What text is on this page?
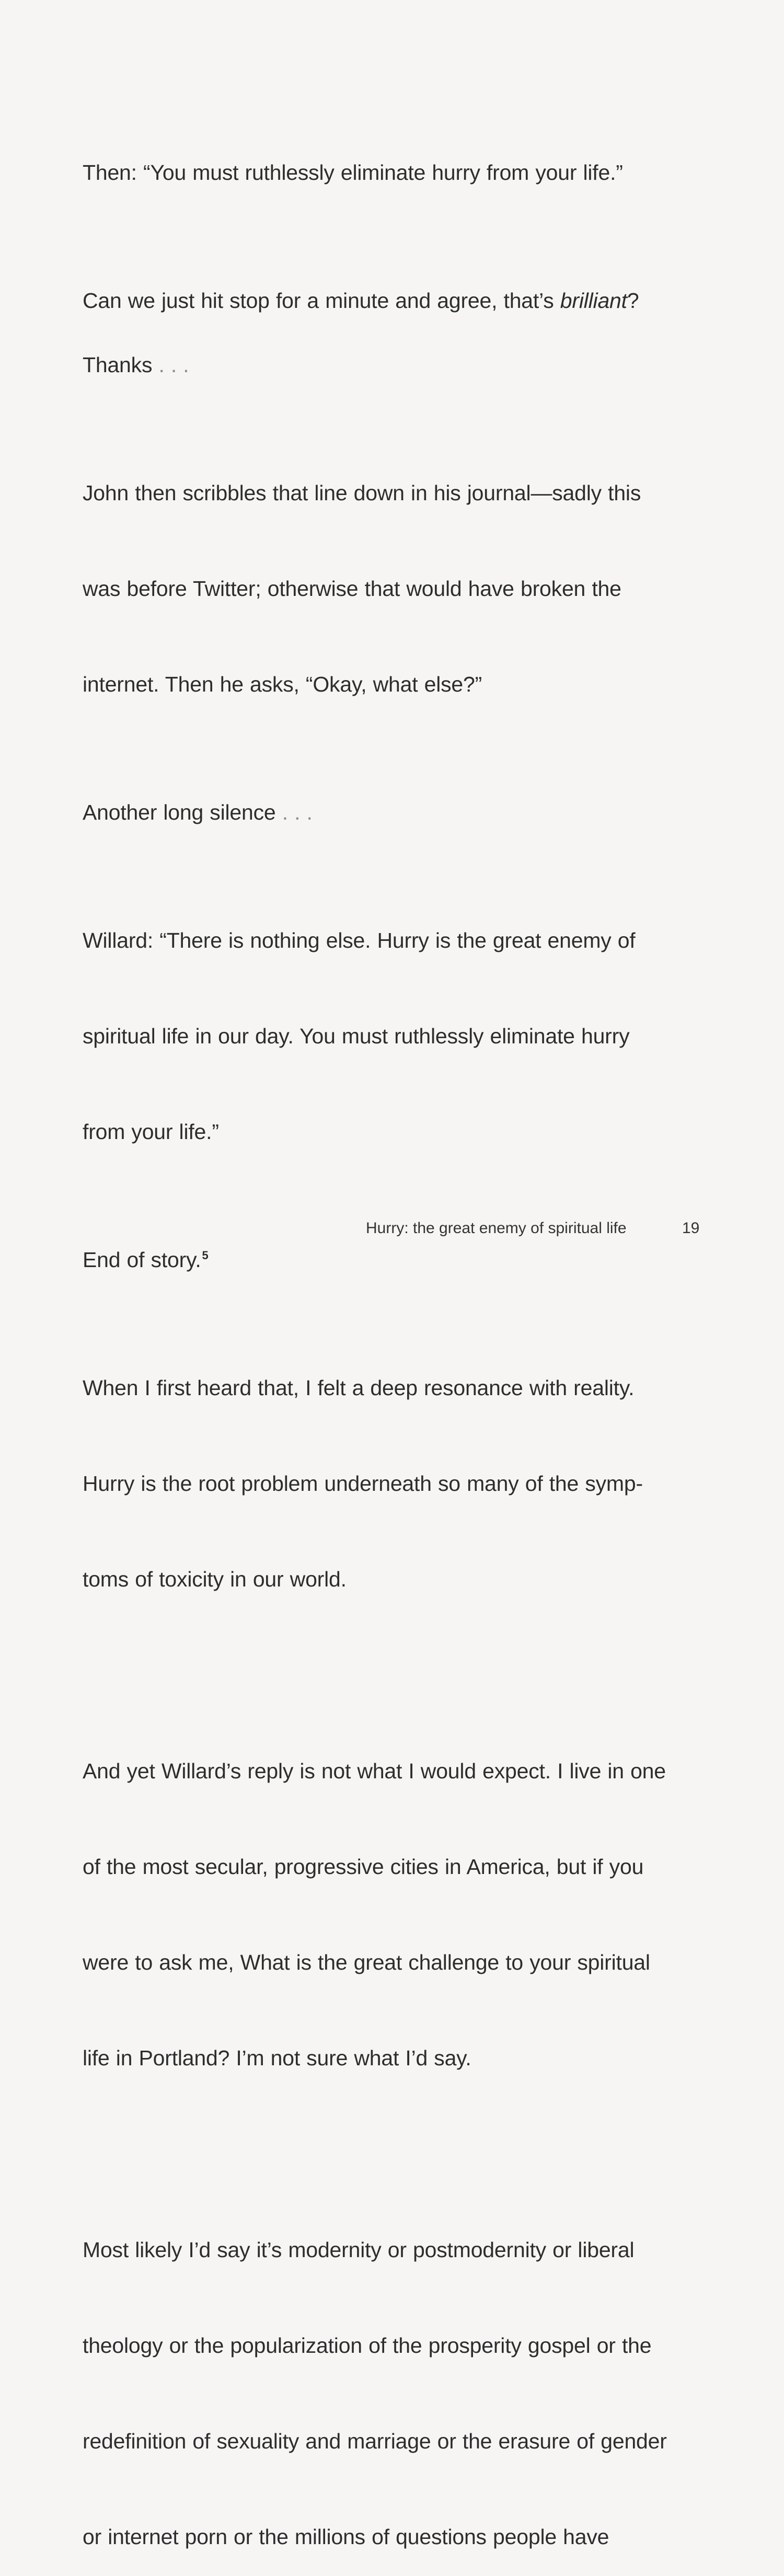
Then: “You must ruthlessly eliminate hurry from your life.”

Can we just hit stop for a minute and agree, that’s brilliant?

Thanks . . .

John then scribbles that line down in his journal—sadly this

was before Twitter; otherwise that would have broken the

internet. Then he asks, “Okay, what else?”

Another long silence . . .

Willard: “There is nothing else. Hurry is the great enemy of

spiritual life in our day. You must ruthlessly eliminate hurry

from your life.”

End of story.$^5$

When I first heard that, I felt a deep resonance with reality.

Hurry is the root problem underneath so many of the symp-

toms of toxicity in our world.

And yet Willard’s reply is not what I would expect. I live in one

of the most secular, progressive cities in America, but if you

were to ask me, What is the great challenge to your spiritual

life in Portland? I’m not sure what I’d say.

Most likely I’d say it’s modernity or postmodernity or liberal

theology or the popularization of the prosperity gospel or the

redefinition of sexuality and marriage or the erasure of gender

or internet porn or the millions of questions people have

Hurry: the great enemy of spiritual life	19
